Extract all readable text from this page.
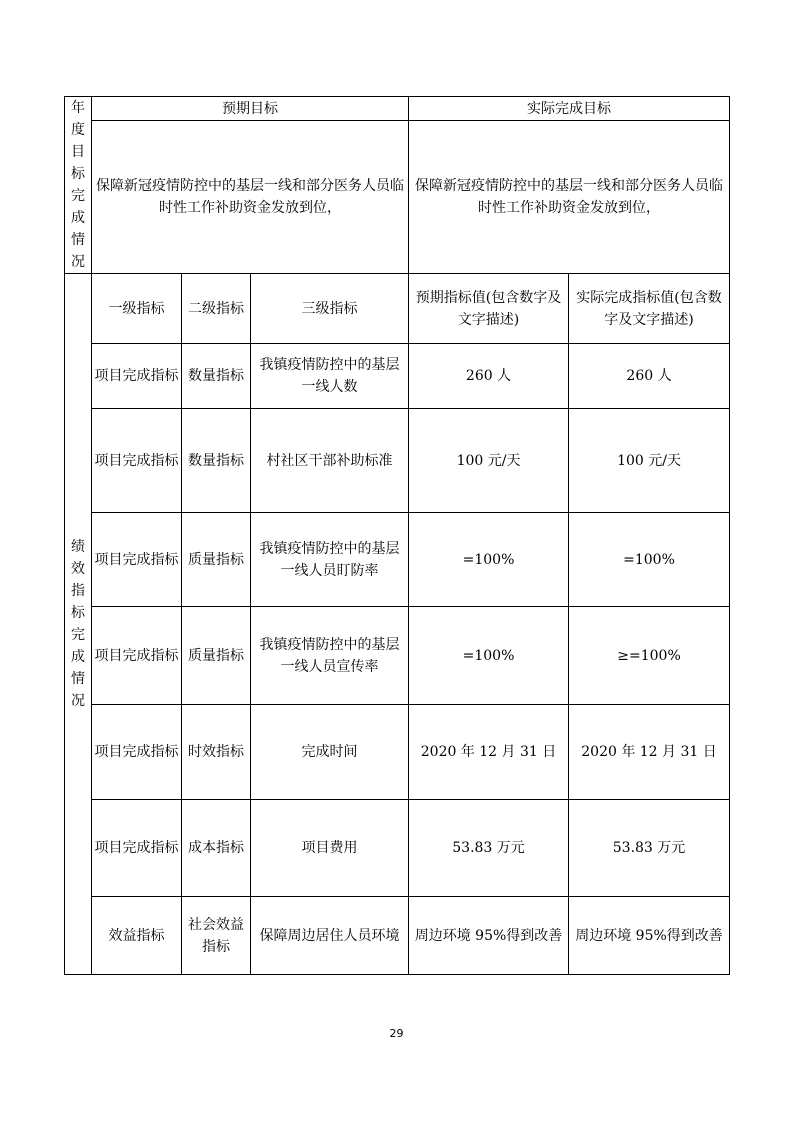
年度目标完成情况	预期目标			实际完成目标	
	保障新冠疫情防控中的基层一线和部分医务人员临时性工作补助资金发放到位，			保障新冠疫情防控中的基层一线和部分医务人员临时性工作补助资金发放到位，	
绩效指标完成情况	一级指标	二级指标	三级指标	预期指标值(包含数字及文字描述)	实际完成指标值(包含数字及文字描述)
	项目完成指标	数量指标	我镇疫情防控中的基层一线人数	260 人	260 人
	项目完成指标	数量指标	村社区干部补助标准	100 元/天	100 元/天
	项目完成指标	质量指标	我镇疫情防控中的基层一线人员盯防率	=100%	=100%
	项目完成指标	质量指标	我镇疫情防控中的基层一线人员宣传率	=100%	≥=100%
	项目完成指标	时效指标	完成时间	2020 年 12 月 31 日	2020 年 12 月 31 日
	项目完成指标	成本指标	项目费用	53.83 万元	53.83 万元
	效益指标	社会效益指标	保障周边居住人员环境	周边环境 95%得到改善	周边环境 95%得到改善
29
